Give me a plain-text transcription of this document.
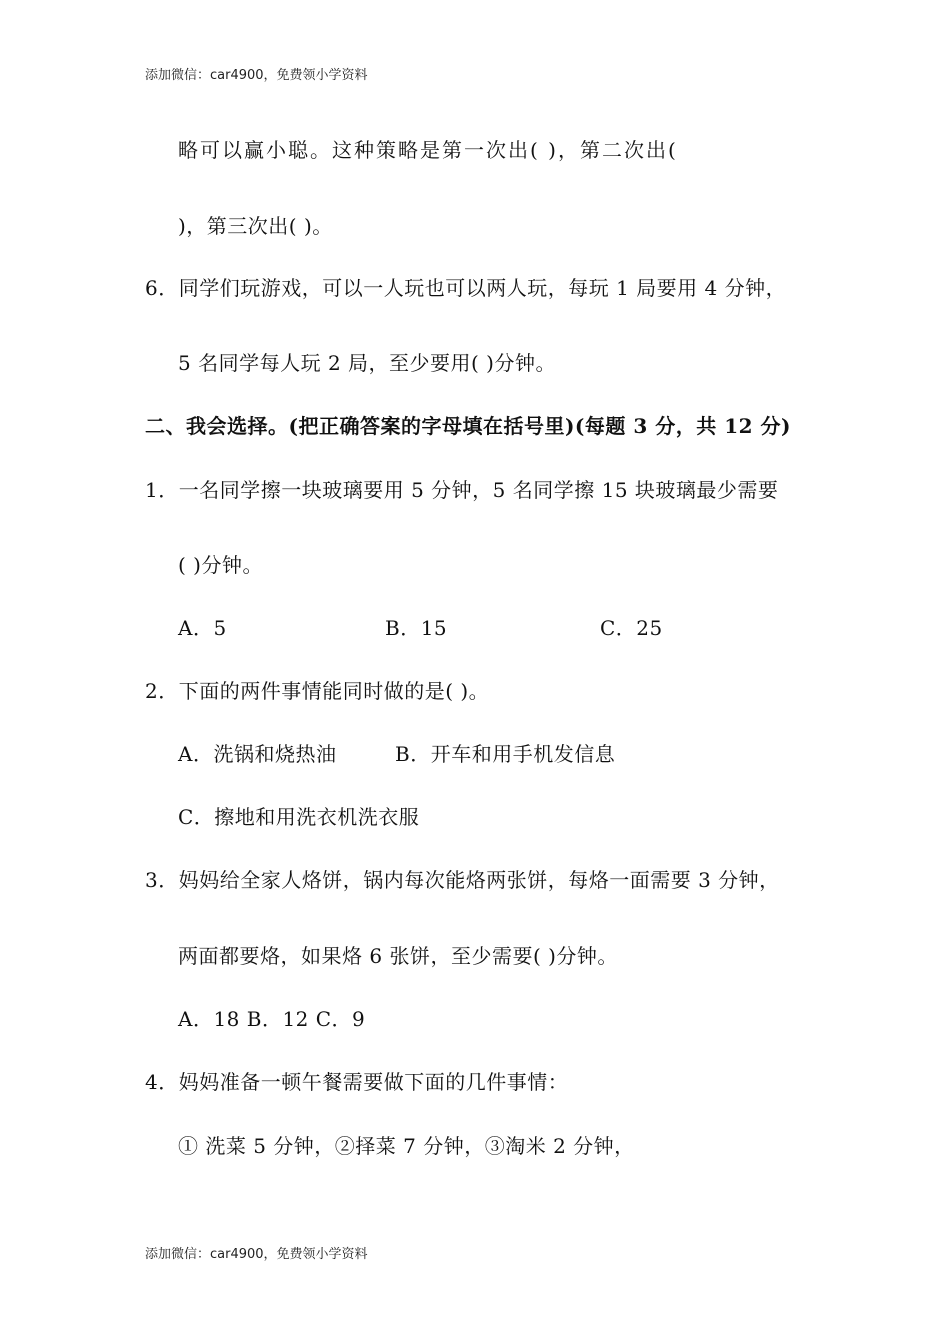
添加微信：car4900，免费领小学资料
略可以赢小聪。这种策略是第一次出( )，第二次出(
)，第三次出( )。
6．同学们玩游戏，可以一人玩也可以两人玩，每玩 1 局要用 4 分钟，
5 名同学每人玩 2 局，至少要用( )分钟。
二、我会选择。(把正确答案的字母填在括号里)(每题 3 分，共 12 分)
1．一名同学擦一块玻璃要用 5 分钟，5 名同学擦 15 块玻璃最少需要
( )分钟。
A．5	B．15	C．25
2．下面的两件事情能同时做的是( )。
A．洗锅和烧热油	B．开车和用手机发信息
C．擦地和用洗衣机洗衣服
3．妈妈给全家人烙饼，锅内每次能烙两张饼，每烙一面需要 3 分钟，
两面都要烙，如果烙 6 张饼，至少需要( )分钟。
A．18 B．12 C．9
4．妈妈准备一顿午餐需要做下面的几件事情：
① 洗菜 5 分钟，②择菜 7 分钟，③淘米 2 分钟，
添加微信：car4900，免费领小学资料
